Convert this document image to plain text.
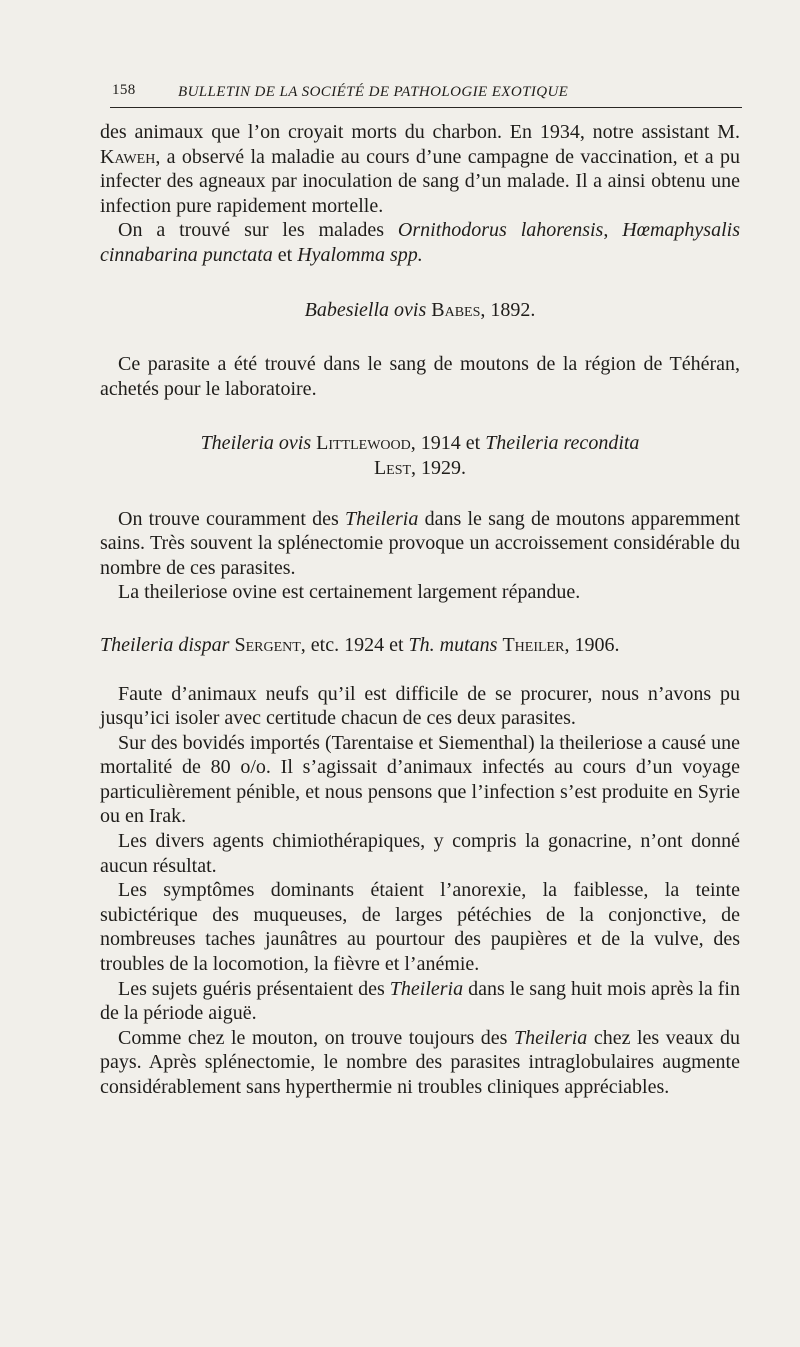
158	BULLETIN DE LA SOCIÉTÉ DE PATHOLOGIE EXOTIQUE

des animaux que l’on croyait morts du charbon. En 1934, notre assistant M. Kaweh, a observé la maladie au cours d’une campagne de vaccination, et a pu infecter des agneaux par inoculation de sang d’un malade. Il a ainsi obtenu une infection pure rapidement mortelle.

On a trouvé sur les malades Ornithodorus lahorensis, Hœmaphysalis cinnabarina punctata et Hyalomma spp.

Babesiella ovis Babes, 1892.

Ce parasite a été trouvé dans le sang de moutons de la région de Téhéran, achetés pour le laboratoire.

Theileria ovis Littlewood, 1914 et Theileria recondita
Lest, 1929.

On trouve couramment des Theileria dans le sang de moutons apparemment sains. Très souvent la splénectomie provoque un accroissement considérable du nombre de ces parasites.

La theileriose ovine est certainement largement répandue.

Theileria dispar Sergent, etc. 1924 et Th. mutans Theiler, 1906.

Faute d’animaux neufs qu’il est difficile de se procurer, nous n’avons pu jusqu’ici isoler avec certitude chacun de ces deux parasites.

Sur des bovidés importés (Tarentaise et Siementhal) la theileriose a causé une mortalité de 80 o/o. Il s’agissait d’animaux infectés au cours d’un voyage particulièrement pénible, et nous pensons que l’infection s’est produite en Syrie ou en Irak.

Les divers agents chimiothérapiques, y compris la gonacrine, n’ont donné aucun résultat.

Les symptômes dominants étaient l’anorexie, la faiblesse, la teinte subictérique des muqueuses, de larges pétéchies de la conjonctive, de nombreuses taches jaunâtres au pourtour des paupières et de la vulve, des troubles de la locomotion, la fièvre et l’anémie.

Les sujets guéris présentaient des Theileria dans le sang huit mois après la fin de la période aiguë.

Comme chez le mouton, on trouve toujours des Theileria chez les veaux du pays. Après splénectomie, le nombre des parasites intraglobulaires augmente considérablement sans hyperthermie ni troubles cliniques appréciables.
